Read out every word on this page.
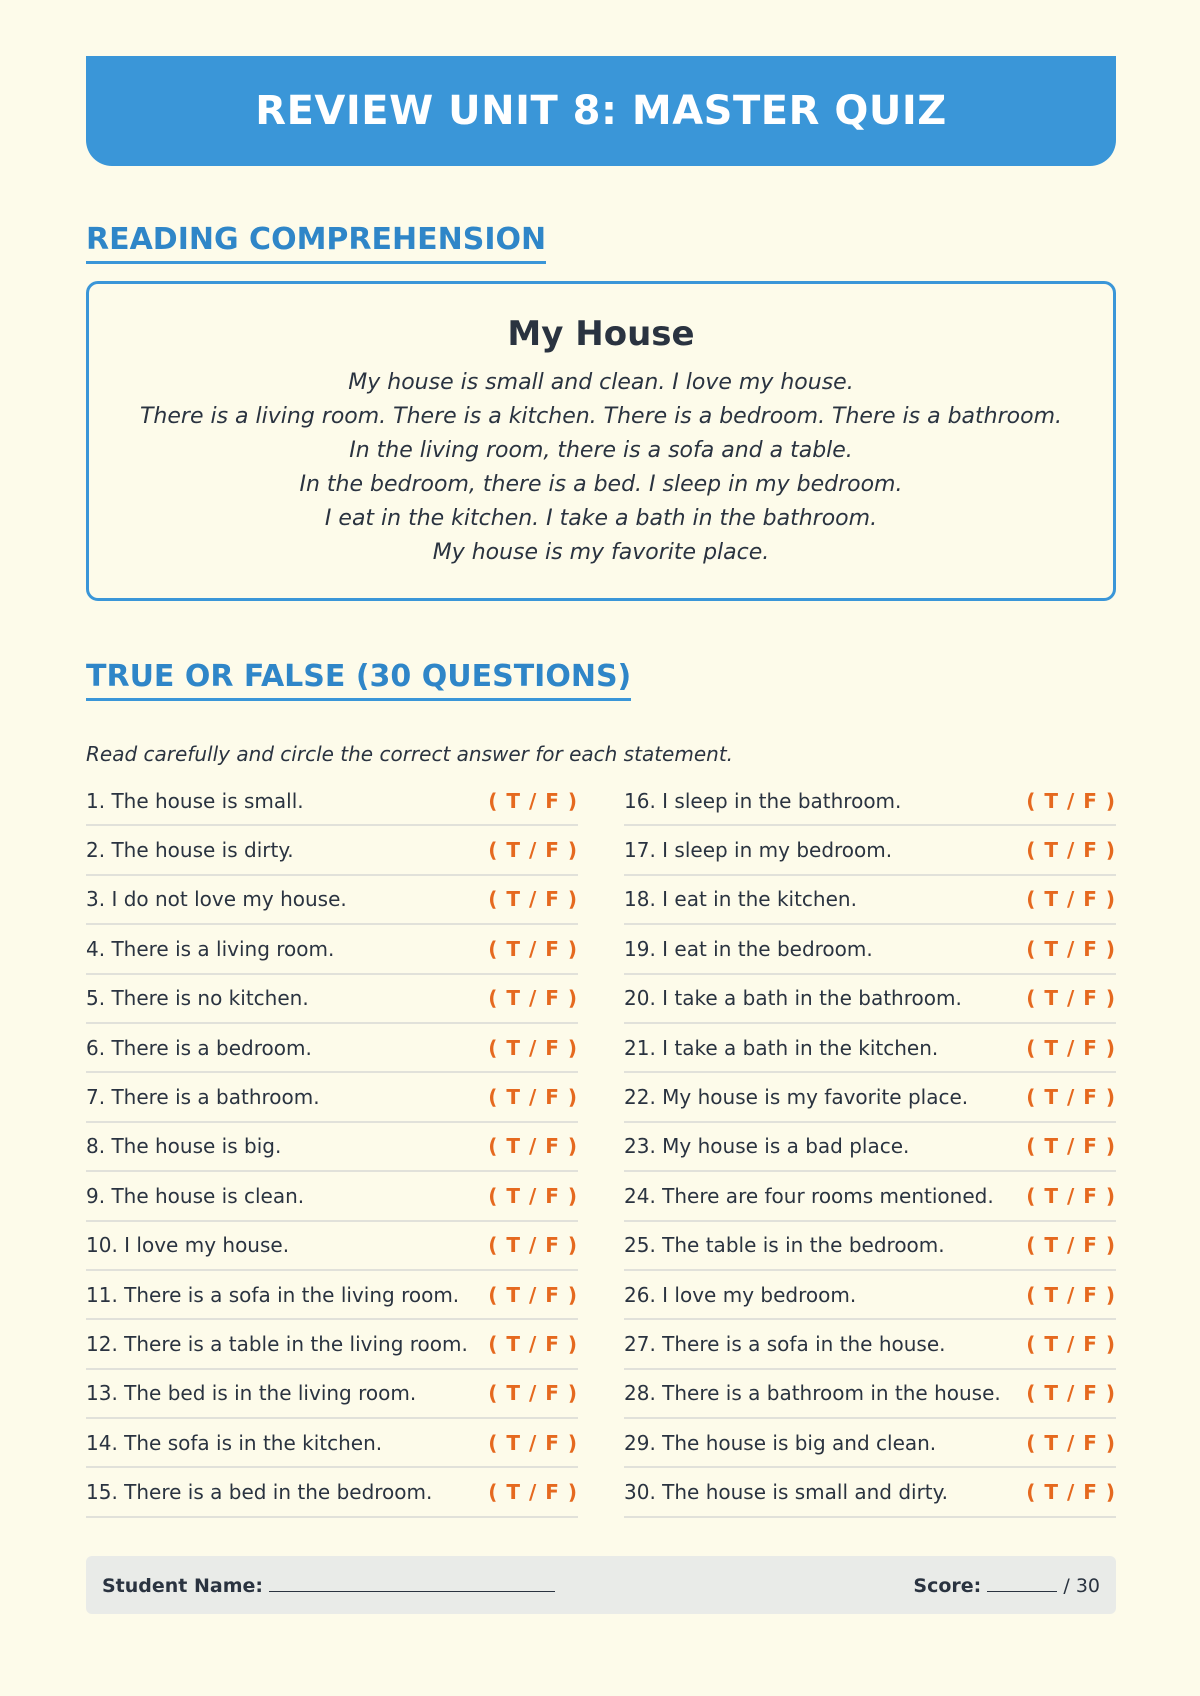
REVIEW UNIT 8: MASTER QUIZ
READING COMPREHENSION
My House
My house is small and clean. I love my house.
There is a living room. There is a kitchen. There is a bedroom. There is a bathroom.
In the living room, there is a sofa and a table.
In the bedroom, there is a bed. I sleep in my bedroom.
I eat in the kitchen. I take a bath in the bathroom.
My house is my favorite place.
TRUE OR FALSE (30 QUESTIONS)
Read carefully and circle the correct answer for each statement.
1. The house is small.	( T / F )
2. The house is dirty.	( T / F )
3. I do not love my house.	( T / F )
4. There is a living room.	( T / F )
5. There is no kitchen.	( T / F )
6. There is a bedroom.	( T / F )
7. There is a bathroom.	( T / F )
8. The house is big.	( T / F )
9. The house is clean.	( T / F )
10. I love my house.	( T / F )
11. There is a sofa in the living room. ( T / F )
12. There is a table in the living room. ( T / F )
13. The bed is in the living room.	( T / F )
14. The sofa is in the kitchen.	( T / F )
15. There is a bed in the bedroom.	( T / F )
16. I sleep in the bathroom.	( T / F )
17. I sleep in my bedroom.	( T / F )
18. I eat in the kitchen.	( T / F )
19. I eat in the bedroom.	( T / F )
20. I take a bath in the bathroom.	( T / F )
21. I take a bath in the kitchen.	( T / F )
22. My house is my favorite place.	( T / F )
23. My house is a bad place.	( T / F )
24. There are four rooms mentioned. ( T / F )
25. The table is in the bedroom.	( T / F )
26. I love my bedroom.	( T / F )
27. There is a sofa in the house.	( T / F )
28. There is a bathroom in the house. ( T / F )
29. The house is big and clean.	( T / F )
30. The house is small and dirty.	( T / F )
Student Name:	Score:	/ 30
